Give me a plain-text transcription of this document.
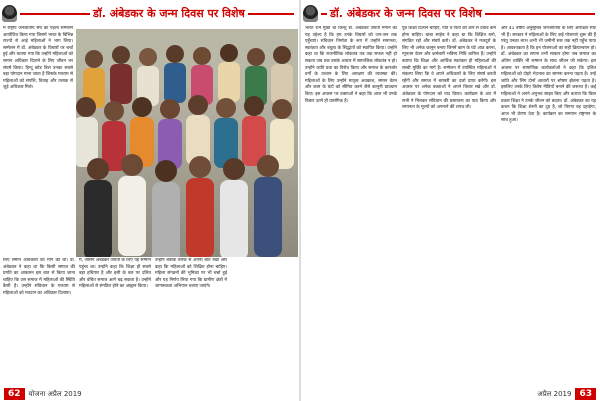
डॉ. अंबेडकर के जन्म दिवस पर विशेष

में राष्ट्रीय जनजातीय संघ का पहला सम्मेलन आयोजित किया गया जिसमें भारत के विभिन्न राज्यों से आई महिलाओं ने भाग लिया। सम्मेलन में डॉ. अंबेडकर के विचारों पर चर्चा हुई और बताया गया कि उन्होंने महिलाओं को समान अधिकार दिलाने के लिए जीवन भर संघर्ष किया। हिन्दू कोड बिल उनका सबसे बड़ा योगदान माना जाता है जिसके माध्यम से महिलाओं को संपत्ति, विवाह और तलाक से जुड़े अधिकार मिले।

लिए समान अधिकारों की मांग की थी। डॉ. अंबेडकर ने कहा था कि किसी समाज की प्रगति का आकलन इस बात से किया जाना चाहिए कि उस समाज में महिलाओं की स्थिति कैसी है। उन्होंने संविधान के माध्यम से महिलाओं को मतदान का अधिकार दिलाया।

में, जैसिंग अंबेडकर जयंती के लिए यह सम्मान पहुंचा था। उन्होंने कहा कि शिक्षा ही सबसे बड़ा हथियार है और इसी के बल पर दलित और वंचित समाज आगे बढ़ सकता है। उन्होंने महिलाओं से संगठित होने का आह्वान किया।

उन्होंने बेबाक तरीके से अपनी बात रखी और कहा कि महिलाओं को शिक्षित होना चाहिए। महिला संगठनों की भूमिका पर भी चर्चा हुई और यह निर्णय लिया गया कि ग्रामीण क्षेत्रों में जागरूकता अभियान चलाए जाएंगे।

62	योजना अप्रैल 2019
डॉ. अंबेडकर के जन्म दिवस पर विशेष

भारत रत्न मुक्त था किन्तु डॉ. अंबेडकर जयंती मनाने का यह उद्देश्य है कि हम उनके विचारों को जन-जन तक पहुँचाएं। संविधान निर्माता के रूप में उन्होंने समानता, स्वतंत्रता और बंधुत्व के सिद्धांतों को स्थापित किया। उन्होंने कहा था कि राजनीतिक लोकतंत्र तब तक सफल नहीं हो सकता जब तक उसके आधार में सामाजिक लोकतंत्र न हो। उन्होंने जाति प्रथा का विरोध किया और समाज के कमजोर वर्गों के उत्थान के लिए आरक्षण की व्यवस्था की। महिलाओं के लिए उन्होंने मातृत्व अवकाश, समान वेतन और काम के घंटों को सीमित करने जैसे कानूनी प्रावधान किए। इस अवसर पर वक्ताओं ने कहा कि आज भी उनके विचार उतने ही प्रासंगिक हैं।

पुत्र शिक्षा दिलाने चाहिए, पति व पिता की ओर से दबाव कम होना चाहिए। बाबा साहेब ने कहा था कि शिक्षित बनो, संगठित रहो और संघर्ष करो। डॉ. अंबेडकर ने मजदूरों के लिए भी अनेक कानून बनाए जिनमें काम के घंटे आठ करना, न्यूनतम वेतन और कर्मचारी भविष्य निधि शामिल हैं। उन्होंने बताया कि शिक्षा और आर्थिक स्वतंत्रता ही महिलाओं की सच्ची मुक्ति का मार्ग है। सम्मेलन में उपस्थित महिलाओं ने संकल्प लिया कि वे अपने अधिकारों के लिए संघर्ष करती रहेंगी और समाज में बराबरी का दर्जा प्राप्त करेंगी। इस अवसर पर अनेक वक्ताओं ने अपने विचार रखे और डॉ. अंबेडकर के योगदान को याद किया। कार्यक्रम के अंत में सभी ने मिलकर संविधान की प्रस्तावना का पाठ किया और समानता के मूल्यों को अपनाने की शपथ ली।

और 41 वर्षीय अनुसूचित जनजातियों के लिए आरक्षित सीटें भी हैं। सरकार ने महिलाओं के लिए कई योजनाएं शुरू की हैं परंतु उनका लाभ अभी भी जमीनी स्तर तक नहीं पहुँच पाया है। आवश्यकता है कि इन योजनाओं का सही क्रियान्वयन हो। डॉ. अंबेडकर का सपना तभी साकार होगा जब समाज का अंतिम व्यक्ति भी सम्मान के साथ जीवन जी सकेगा। इस अवसर पर सामाजिक कार्यकर्ताओं ने कहा कि दलित महिलाओं को दोहरे भेदभाव का सामना करना पड़ता है। उन्हें जाति और लिंग दोनों आधारों पर शोषण झेलना पड़ता है। इसलिए उनके लिए विशेष नीतियाँ बनाने की जरूरत है। कई महिलाओं ने अपने अनुभव साझा किए और बताया कि किस प्रकार शिक्षा ने उनके जीवन को बदला। डॉ. अंबेडकर का यह कथन कि शिक्षा शेरनी का दूध है, जो पिएगा वह दहाड़ेगा, आज भी प्रेरणा देता है। कार्यक्रम का समापन राष्ट्रगान के साथ हुआ।

अप्रैल 2019 63
